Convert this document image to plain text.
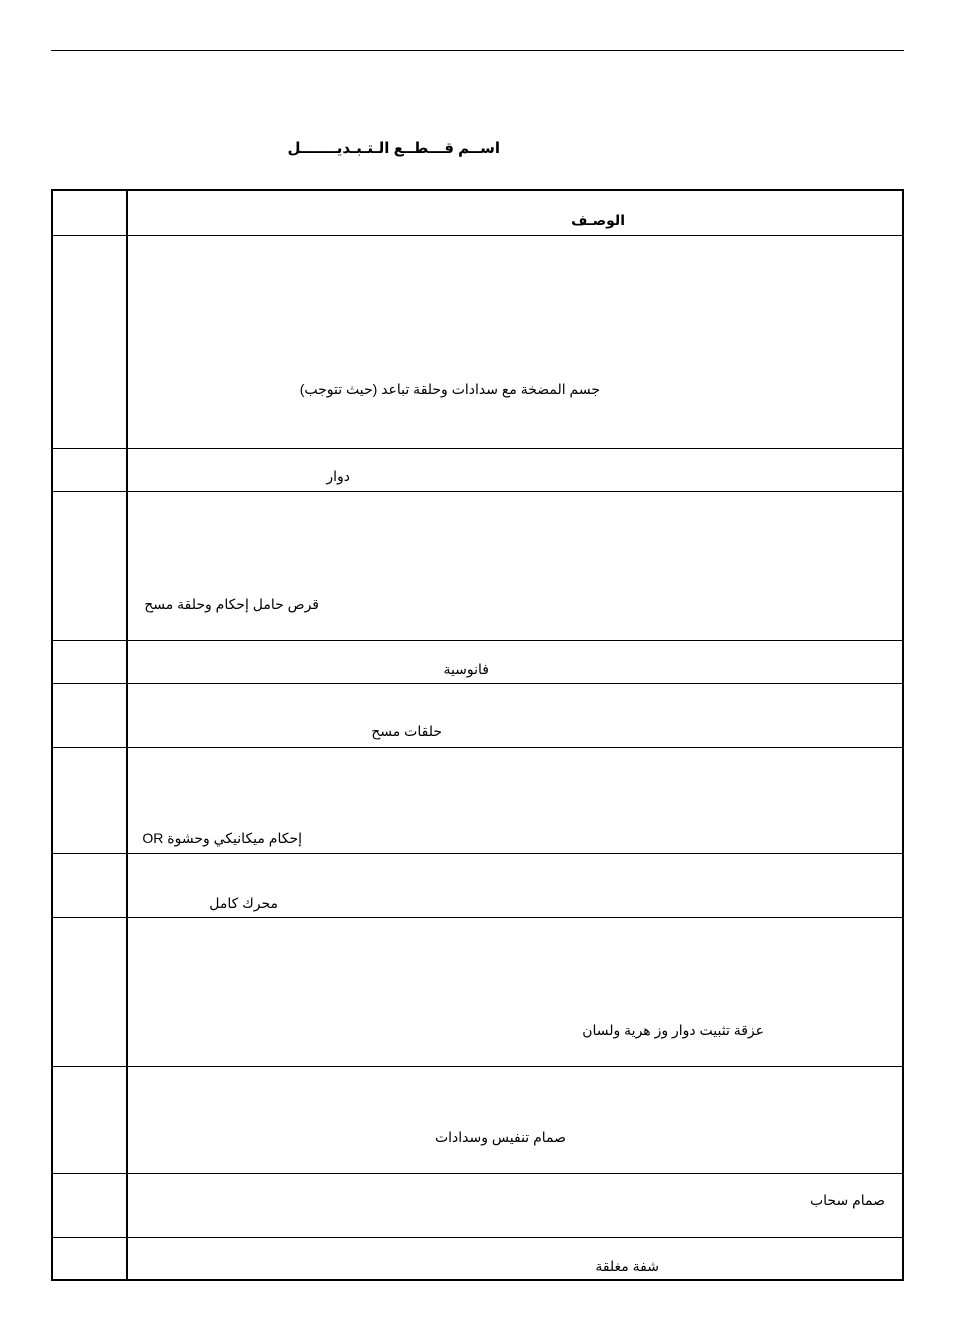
اســم قـــطــع الـتـبـديـــــــل
الوصـف
جسم المضخة مع سدادات وحلقة تباعد (حيث تتوجب)
دوار
قرص حامل إحكام وحلقة مسح
فانوسية
حلقات مسح
إحكام ميكانيكي وحشوة OR
محرك كامل
عزقة تثبيت دوار وز هرية ولسان
صمام تنفيس وسدادات
صمام سحاب
شفة مغلقة
